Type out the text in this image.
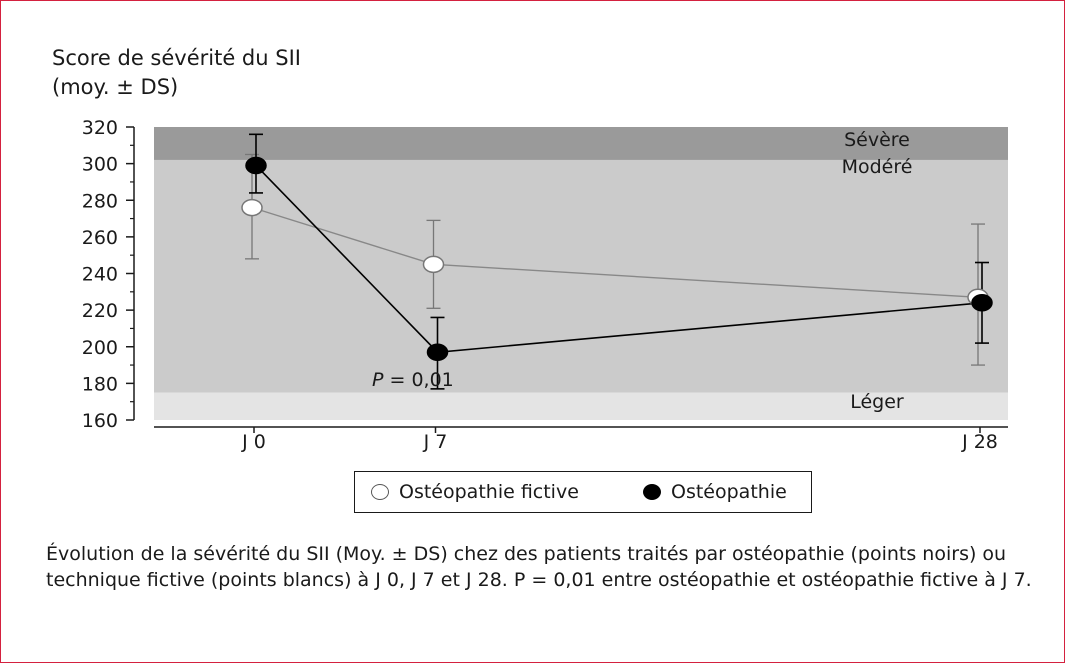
Score de sévérité du SII
(moy. ± DS)
Sévère
Modéré
Léger
160
180
200
220
240
260
280
300
320
J 0	J 7	J 28
P = 0,01
Ostéopathie fictive	Ostéopathie
Évolution de la sévérité du SII (Moy. ± DS) chez des patients traités par ostéopathie (points noirs) ou technique fictive (points blancs) à J 0, J 7 et J 28. P = 0,01 entre ostéopathie et ostéopathie fictive à J 7.
